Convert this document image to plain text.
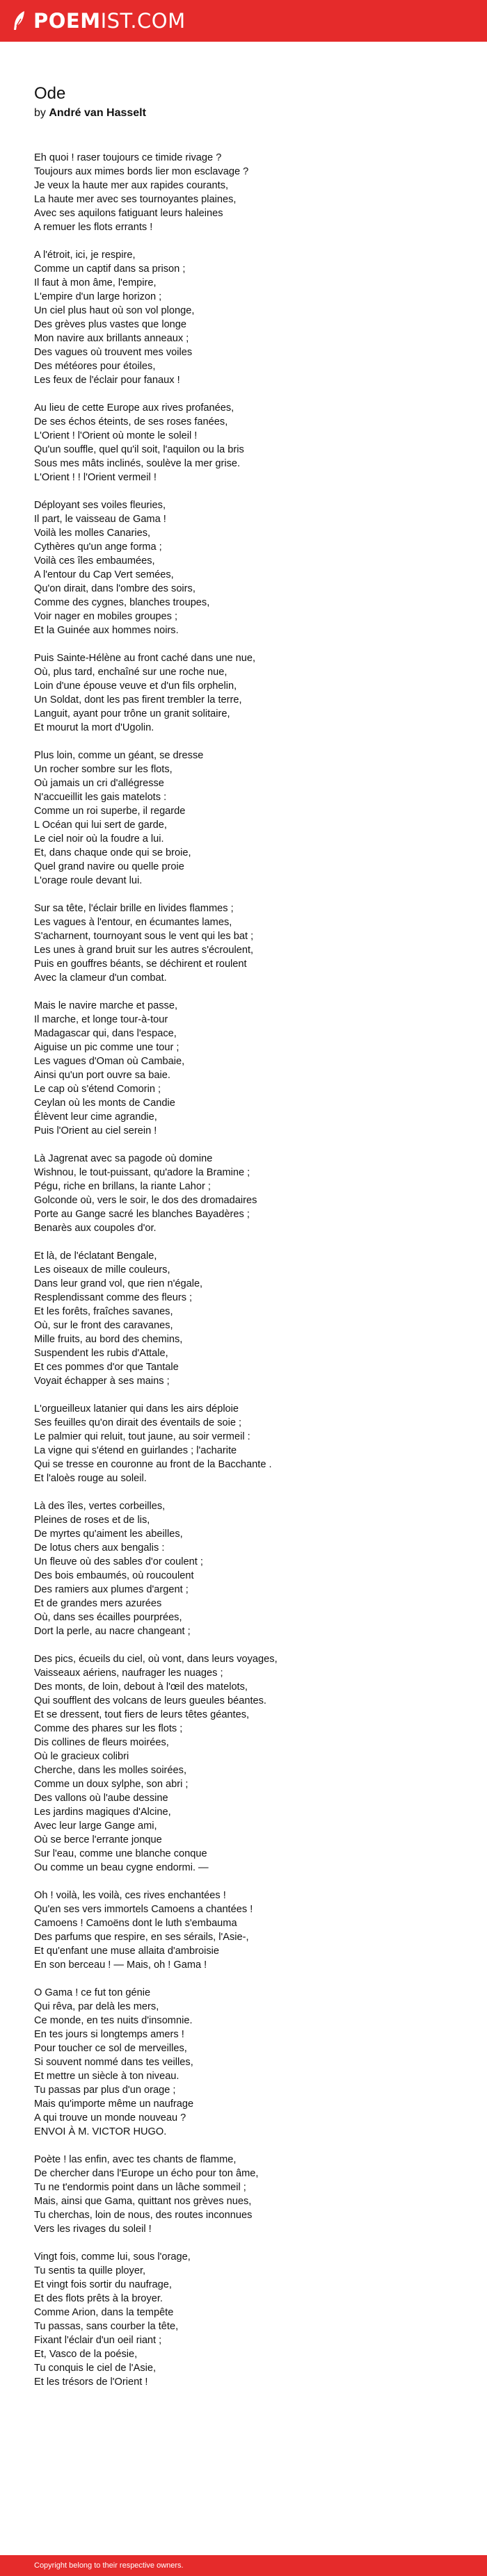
POEMIST.COM
Ode
by André van Hasselt
Eh quoi ! raser toujours ce timide rivage ?
Toujours aux mimes bords lier mon esclavage ?
Je veux la haute mer aux rapides courants,
La haute mer avec ses tournoyantes plaines,
Avec ses aquilons fatiguant leurs haleines
A remuer les flots errants !
A l'étroit, ici, je respire,
Comme un captif dans sa prison ;
Il faut à mon âme, l'empire,
L'empire d'un large horizon ;
Un ciel plus haut où son vol plonge,
Des grèves plus vastes que longe
Mon navire aux brillants anneaux ;
Des vagues où trouvent mes voiles
Des météores pour étoiles,
Les feux de l'éclair pour fanaux !
Au lieu de cette Europe aux rives profanées,
De ses échos éteints, de ses roses fanées,
L'Orient ! l'Orient où monte le soleil !
Qu'un souffle, quel qu'il soit, l'aquilon ou la bris
Sous mes mâts inclinés, soulève la mer grise.
L'Orient ! ! l'Orient vermeil !
Déployant ses voiles fleuries,
Il part, le vaisseau de Gama !
Voilà les molles Canaries,
Cythères qu'un ange forma ;
Voilà ces îles embaumées,
A l'entour du Cap Vert semées,
Qu'on dirait, dans l'ombre des soirs,
Comme des cygnes, blanches troupes,
Voir nager en mobiles groupes ;
Et la Guinée aux hommes noirs.
Puis Sainte-Hélène au front caché dans une nue,
Où, plus tard, enchaîné sur une roche nue,
Loin d'une épouse veuve et d'un fils orphelin,
Un Soldat, dont les pas firent trembler la terre,
Languit, ayant pour trône un granit solitaire,
Et mourut la mort d'Ugolin.
Plus loin, comme un géant, se dresse
Un rocher sombre sur les flots,
Où jamais un cri d'allégresse
N'accueillit les gais matelots :
Comme un roi superbe, il regarde
L Océan qui lui sert de garde,
Le ciel noir où la foudre a lui.
Et, dans chaque onde qui se broie,
Quel grand navire ou quelle proie
L'orage roule devant lui.
Sur sa tête, l'éclair brille en livides flammes ;
Les vagues à l'entour, en écumantes lames,
S'acharnent, tournoyant sous le vent qui les bat ;
Les unes à grand bruit sur les autres s'écroulent,
Puis en gouffres béants, se déchirent et roulent
Avec la clameur d'un combat.
Mais le navire marche et passe,
Il marche, et longe tour-à-tour
Madagascar qui, dans l'espace,
Aiguise un pic comme une tour ;
Les vagues d'Oman où Cambaie,
Ainsi qu'un port ouvre sa baie.
Le cap où s'étend Comorin ;
Ceylan où les monts de Candie
Élèvent leur cime agrandie,
Puis l'Orient au ciel serein !
Là Jagrenat avec sa pagode où domine
Wishnou, le tout-puissant, qu'adore la Bramine ;
Pégu, riche en brillans, la riante Lahor ;
Golconde où, vers le soir, le dos des dromadaires
Porte au Gange sacré les blanches Bayadères ;
Benarès aux coupoles d'or.
Et là, de l'éclatant Bengale,
Les oiseaux de mille couleurs,
Dans leur grand vol, que rien n'égale,
Resplendissant comme des fleurs ;
Et les forêts, fraîches savanes,
Où, sur le front des caravanes,
Mille fruits, au bord des chemins,
Suspendent les rubis d'Attale,
Et ces pommes d'or que Tantale
Voyait échapper à ses mains ;
L'orgueilleux latanier qui dans les airs déploie
Ses feuilles qu'on dirait des éventails de soie ;
Le palmier qui reluit, tout jaune, au soir vermeil :
La vigne qui s'étend en guirlandes ; l'acharite
Qui se tresse en couronne au front de la Bacchante .
Et l'aloès rouge au soleil.
Là des îles, vertes corbeilles,
Pleines de roses et de lis,
De myrtes qu'aiment les abeilles,
De lotus chers aux bengalis :
Un fleuve où des sables d'or coulent ;
Des bois embaumés, où roucoulent
Des ramiers aux plumes d'argent ;
Et de grandes mers azurées
Où, dans ses écailles pourprées,
Dort la perle, au nacre changeant ;
Des pics, écueils du ciel, où vont, dans leurs voyages,
Vaisseaux aériens, naufrager les nuages ;
Des monts, de loin, debout à l'œil des matelots,
Qui soufflent des volcans de leurs gueules béantes.
Et se dressent, tout fiers de leurs têtes géantes,
Comme des phares sur les flots ;
Dis collines de fleurs moirées,
Où le gracieux colibri
Cherche, dans les molles soirées,
Comme un doux sylphe, son abri ;
Des vallons où l'aube dessine
Les jardins magiques d'Alcine,
Avec leur large Gange ami,
Où se berce l'errante jonque
Sur l'eau, comme une blanche conque
Ou comme un beau cygne endormi. —
Oh ! voilà, les voilà, ces rives enchantées !
Qu'en ses vers immortels Camoens a chantées !
Camoens ! Camoëns dont le luth s'embauma
Des parfums que respire, en ses sérails, l'Asie-,
Et qu'enfant une muse allaita d'ambroisie
En son berceau ! — Mais, oh ! Gama !
O Gama ! ce fut ton génie
Qui rêva, par delà les mers,
Ce monde, en tes nuits d'insomnie.
En tes jours si longtemps amers !
Pour toucher ce sol de merveilles,
Si souvent nommé dans tes veilles,
Et mettre un siècle à ton niveau.
Tu passas par plus d'un orage ;
Mais qu'importe même un naufrage
A qui trouve un monde nouveau ?
ENVOI À M. VICTOR HUGO.
Poète ! las enfin, avec tes chants de flamme,
De chercher dans l'Europe un écho pour ton âme,
Tu ne t'endormis point dans un lâche sommeil ;
Mais, ainsi que Gama, quittant nos grèves nues,
Tu cherchas, loin de nous, des routes inconnues
Vers les rivages du soleil !
Vingt fois, comme lui, sous l'orage,
Tu sentis ta quille ployer,
Et vingt fois sortir du naufrage,
Et des flots prêts à la broyer.
Comme Arion, dans la tempête
Tu passas, sans courber la tête,
Fixant l'éclair d'un oeil riant ;
Et, Vasco de la poésie,
Tu conquis le ciel de l'Asie,
Et les trésors de l'Orient !
Copyright belong to their respective owners.
